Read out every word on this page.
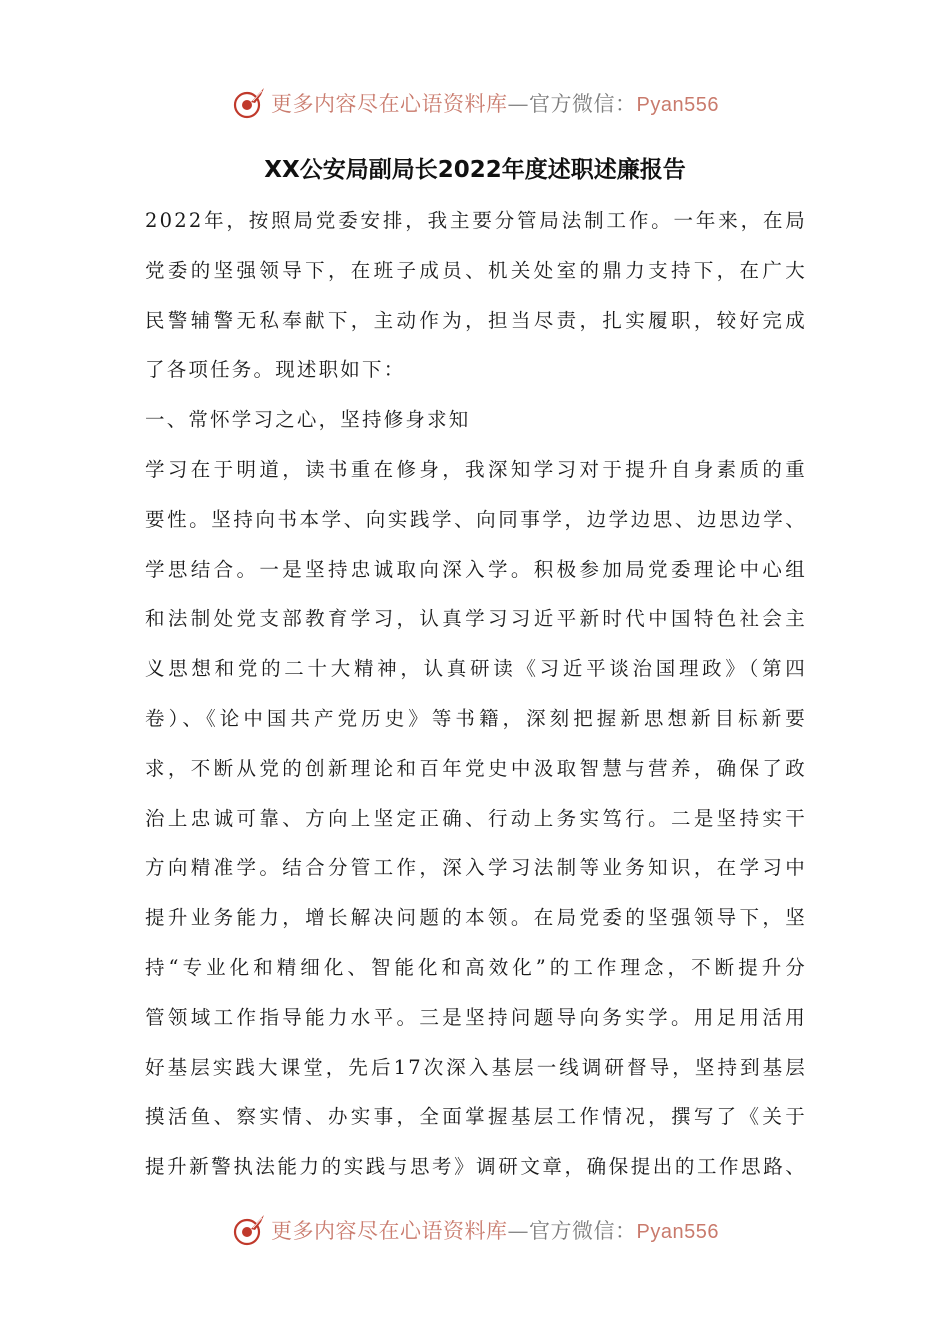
更多内容尽在心语资料库—官方微信：Pyan556
XX公安局副局长2022年度述职述廉报告
2022年，按照局党委安排，我主要分管局法制工作。一年来，在局
党委的坚强领导下，在班子成员、机关处室的鼎力支持下，在广大
民警辅警无私奉献下，主动作为，担当尽责，扎实履职，较好完成
了各项任务。现述职如下：
一、常怀学习之心，坚持修身求知
学习在于明道，读书重在修身，我深知学习对于提升自身素质的重
要性。坚持向书本学、向实践学、向同事学，边学边思、边思边学、
学思结合。一是坚持忠诚取向深入学。积极参加局党委理论中心组
和法制处党支部教育学习，认真学习习近平新时代中国特色社会主
义思想和党的二十大精神，认真研读《习近平谈治国理政》（第四
卷）、《论中国共产党历史》等书籍，深刻把握新思想新目标新要
求，不断从党的创新理论和百年党史中汲取智慧与营养，确保了政
治上忠诚可靠、方向上坚定正确、行动上务实笃行。二是坚持实干
方向精准学。结合分管工作，深入学习法制等业务知识，在学习中
提升业务能力，增长解决问题的本领。在局党委的坚强领导下，坚
持“专业化和精细化、智能化和高效化”的工作理念，不断提升分
管领域工作指导能力水平。三是坚持问题导向务实学。用足用活用
好基层实践大课堂，先后17次深入基层一线调研督导，坚持到基层
摸活鱼、察实情、办实事，全面掌握基层工作情况，撰写了《关于
提升新警执法能力的实践与思考》调研文章，确保提出的工作思路、
更多内容尽在心语资料库—官方微信：Pyan556
